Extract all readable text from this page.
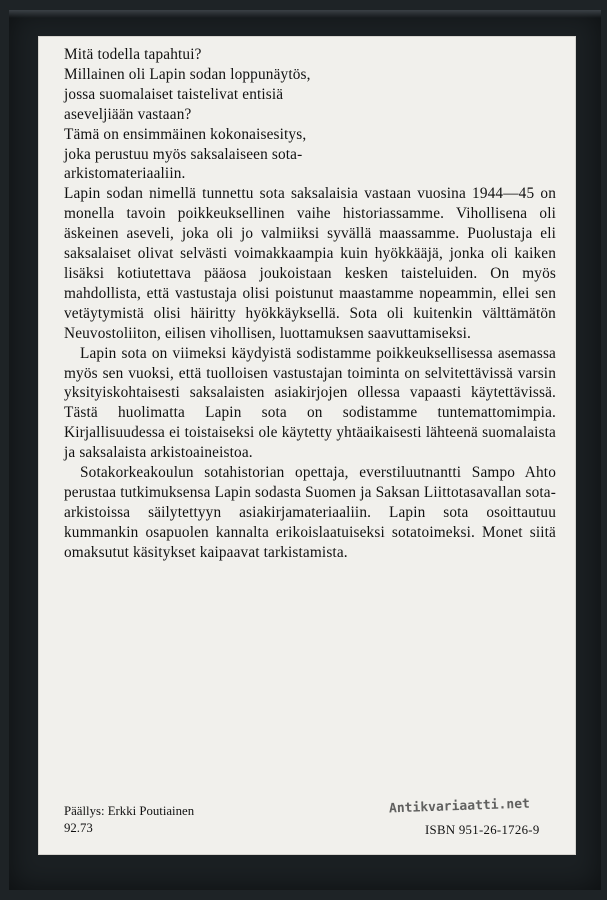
Mitä todella tapahtui?

Millainen oli Lapin sodan loppunäytös,

jossa suomalaiset taistelivat entisiä

aseveljiään vastaan?

Tämä on ensimmäinen kokonaisesitys,

joka perustuu myös saksalaiseen sota-

arkistomateriaaliin.

Lapin sodan nimellä tunnettu sota saksalaisia vastaan vuosina 1944—45 on monella tavoin poikkeuksellinen vaihe historiassamme. Vihollisena oli äskeinen aseveli, joka oli jo valmiiksi syvällä maassamme. Puolustaja eli saksalaiset olivat selvästi voimakkaampia kuin hyökkääjä, jonka oli kaiken lisäksi kotiutettava pääosa joukoistaan kesken taisteluiden. On myös mahdollista, että vastustaja olisi poistunut maastamme nopeammin, ellei sen vetäytymistä olisi häiritty hyökkäyksellä. Sota oli kuitenkin välttämätön Neuvostoliiton, eilisen vihollisen, luottamuksen saavuttamiseksi.

Lapin sota on viimeksi käydyistä sodistamme poikkeuksellisessa asemassa myös sen vuoksi, että tuolloisen vastustajan toiminta on selvitettävissä varsin yksityiskohtaisesti saksalaisten asiakirjojen ollessa vapaasti käytettävissä. Tästä huolimatta Lapin sota on sodistamme tuntemattomimpia. Kirjallisuudessa ei toistaiseksi ole käytetty yhtäaikaisesti lähteenä suomalaista ja saksalaista arkistoaineistoa.

Sotakorkeakoulun sotahistorian opettaja, everstiluutnantti Sampo Ahto perustaa tutkimuksensa Lapin sodasta Suomen ja Saksan Liittotasavallan sota-arkistoissa säilytettyyn asiakirjamateriaaliin. Lapin sota osoittautuu kummankin osapuolen kannalta erikoislaatuiseksi sotatoimeksi. Monet siitä omaksutut käsitykset kaipaavat tarkistamista.

Päällys: Erkki Poutiainen
92.73
Antikvariaatti.net
ISBN 951-26-1726-9
